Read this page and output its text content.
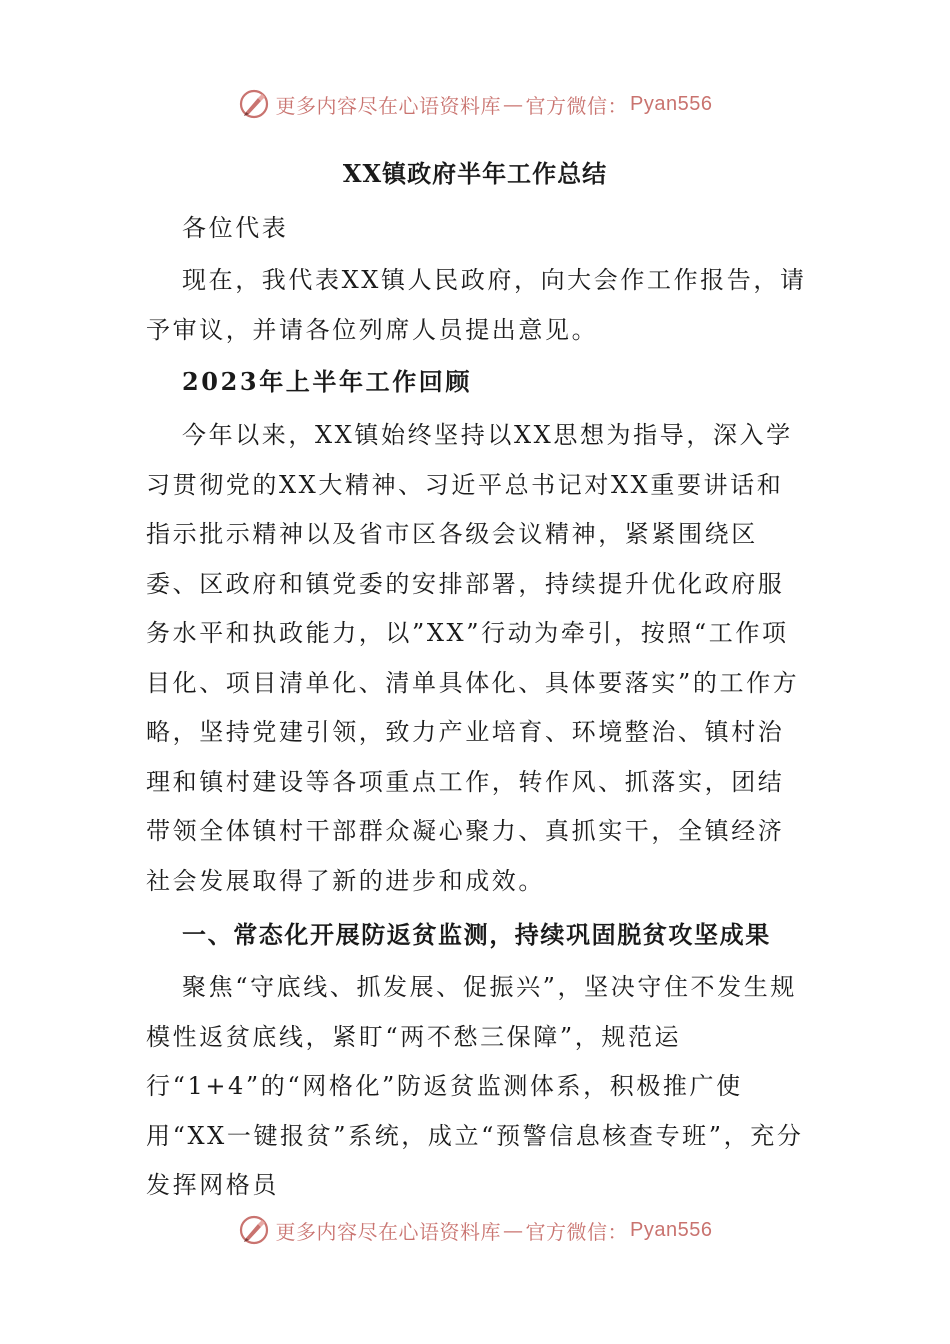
更多内容尽在心语资料库 — 官方微信： Pyan556
XX镇政府半年工作总结

各位代表

现在，我代表XX镇人民政府，向大会作工作报告，请予审议，并请各位列席人员提出意见。

2023年上半年工作回顾

今年以来，XX镇始终坚持以XX思想为指导，深入学习贯彻党的XX大精神、习近平总书记对XX重要讲话和指示批示精神以及省市区各级会议精神，紧紧围绕区委、区政府和镇党委的安排部署，持续提升优化政府服务水平和执政能力，以”XX”行动为牵引，按照“工作项目化、项目清单化、清单具体化、具体要落实”的工作方略，坚持党建引领，致力产业培育、环境整治、镇村治理和镇村建设等各项重点工作，转作风、抓落实，团结带领全体镇村干部群众凝心聚力、真抓实干，全镇经济社会发展取得了新的进步和成效。

一、常态化开展防返贫监测，持续巩固脱贫攻坚成果

聚焦“守底线、抓发展、促振兴”，坚决守住不发生规模性返贫底线，紧盯“两不愁三保障”，规范运行“1+4”的“网格化”防返贫监测体系，积极推广使用“XX一键报贫”系统，成立“预警信息核查专班”，充分发挥网格员

更多内容尽在心语资料库 — 官方微信： Pyan556
